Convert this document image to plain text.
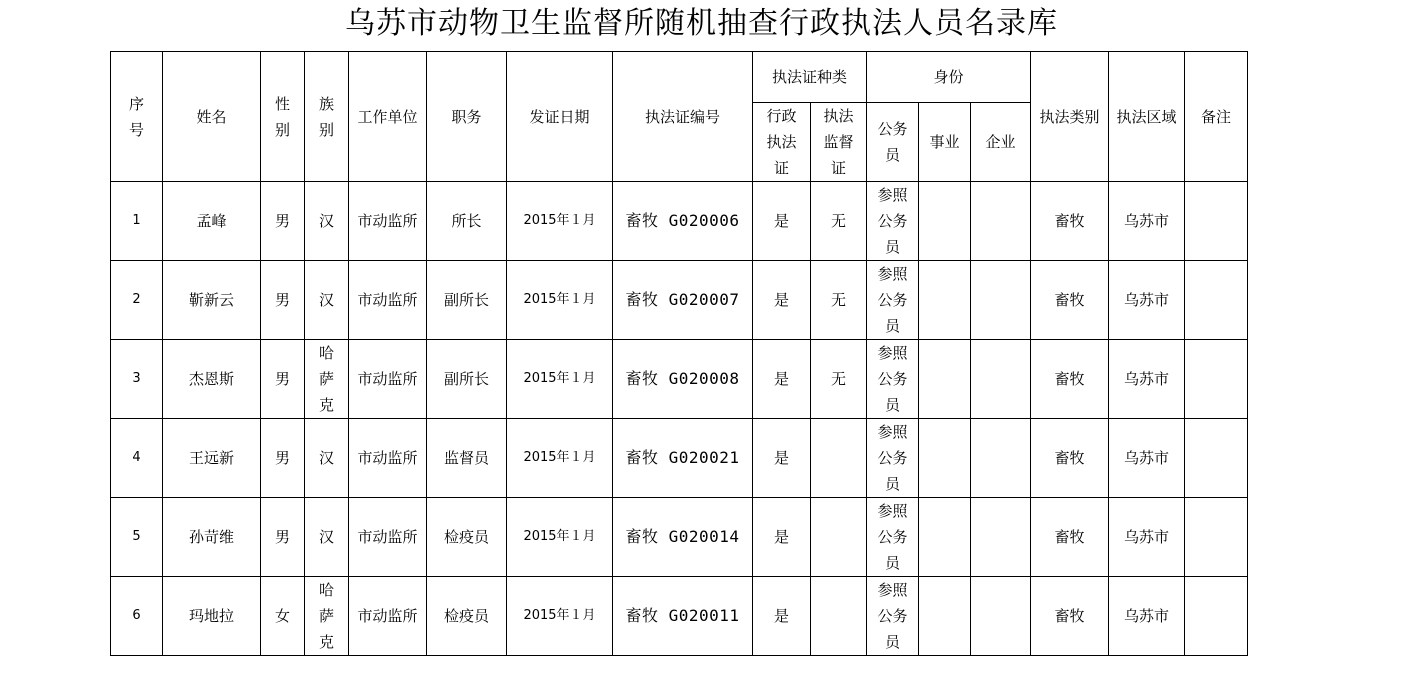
乌苏市动物卫生监督所随机抽查行政执法人员名录库
序号	姓名	性别	族别	工作单位	职务	发证日期	执法证编号	执法证种类		身份			执法类别	执法区域	备注
								行政执法证	执法监督证	公务员	事业	企业			
1	孟峰	男	汉	市动监所	所长	2015年１月	畜牧 G020006	是	无	参照公务员			畜牧	乌苏市	
2	靳新云	男	汉	市动监所	副所长	2015年１月	畜牧 G020007	是	无	参照公务员			畜牧	乌苏市	
3	杰恩斯	男	哈萨克	市动监所	副所长	2015年１月	畜牧 G020008	是	无	参照公务员			畜牧	乌苏市	
4	王远新	男	汉	市动监所	监督员	2015年１月	畜牧 G020021	是		参照公务员			畜牧	乌苏市	
5	孙苛维	男	汉	市动监所	检疫员	2015年１月	畜牧 G020014	是		参照公务员			畜牧	乌苏市	
6	玛地拉	女	哈萨克	市动监所	检疫员	2015年１月	畜牧 G020011	是		参照公务员			畜牧	乌苏市	
